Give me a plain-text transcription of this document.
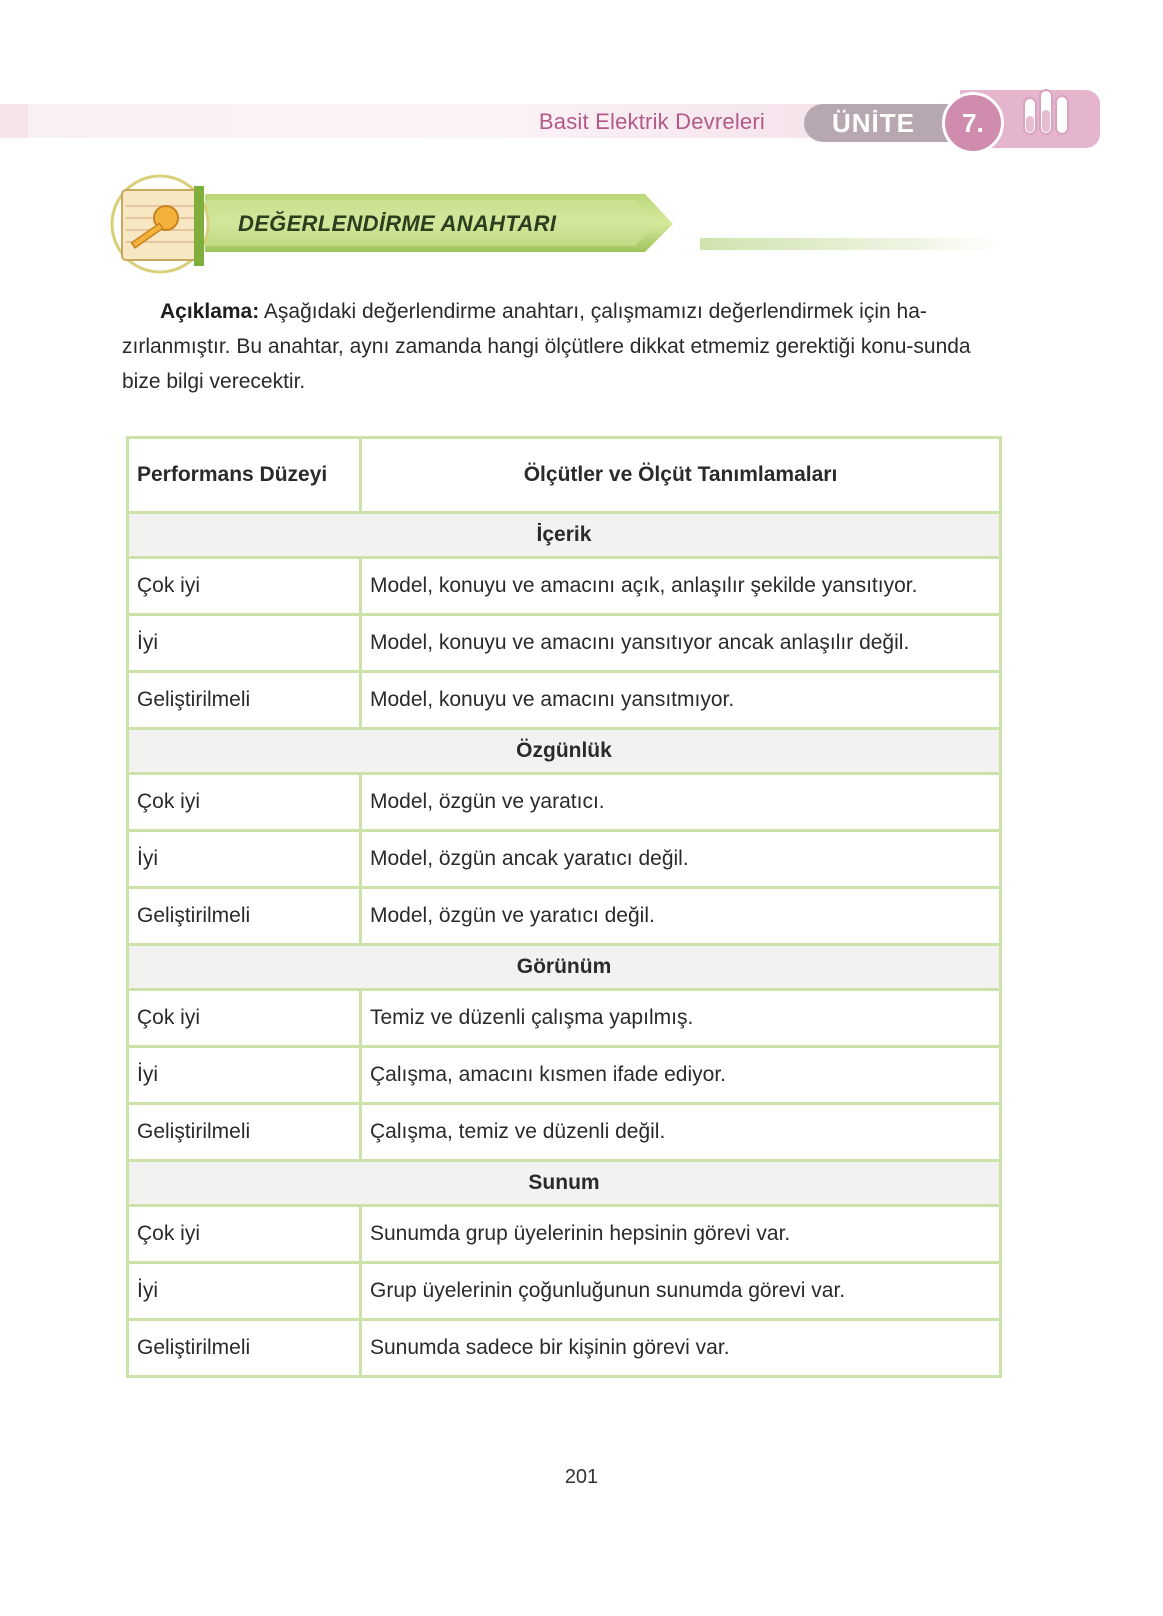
Basit Elektrik Devreleri	ÜNİTE	7.
DEĞERLENDİRME ANAHTARI
Açıklama: Aşağıdaki değerlendirme anahtarı, çalışmamızı değerlendirmek için ha-zırlanmıştır. Bu anahtar, aynı zamanda hangi ölçütlere dikkat etmemiz gerektiği konu-sunda bize bilgi verecektir.
Performans Düzeyi	Ölçütler ve Ölçüt Tanımlamaları
İçerik	
Çok iyi	Model, konuyu ve amacını açık, anlaşılır şekilde yansıtıyor.
İyi	Model, konuyu ve amacını yansıtıyor ancak anlaşılır değil.
Geliştirilmeli	Model, konuyu ve amacını yansıtmıyor.
Özgünlük	
Çok iyi	Model, özgün ve yaratıcı.
İyi	Model, özgün ancak yaratıcı değil.
Geliştirilmeli	Model, özgün ve yaratıcı değil.
Görünüm	
Çok iyi	Temiz ve düzenli çalışma yapılmış.
İyi	Çalışma, amacını kısmen ifade ediyor.
Geliştirilmeli	Çalışma, temiz ve düzenli değil.
Sunum	
Çok iyi	Sunumda grup üyelerinin hepsinin görevi var.
İyi	Grup üyelerinin çoğunluğunun sunumda görevi var.
Geliştirilmeli	Sunumda sadece bir kişinin görevi var.
201
